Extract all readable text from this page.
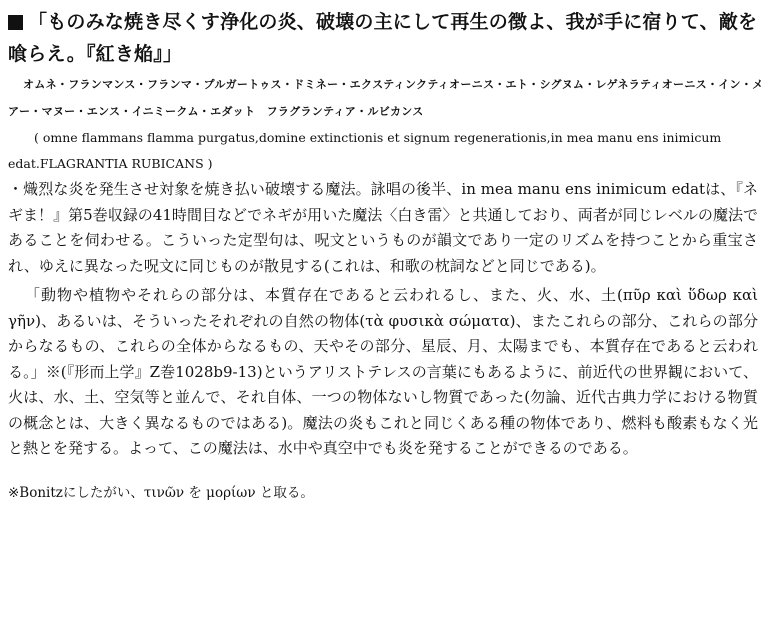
「ものみな焼き尽くす浄化の炎、破壊の主にして再生の徴よ、我が手に宿りて、敵を
喰らえ。『紅き焔』」
オムネ・フランマンス・フランマ・プルガートゥス・ドミネー・エクスティンクティオーニス・エト・シグヌム・レゲネラティオーニス・イン・メ
アー・マヌー・エンス・イニミークム・エダット　フラグランティア・ルビカンス
( omne flammans flamma purgatus,domine extinctionis et signum regenerationis,in mea manu ens inimicum
edat.FLAGRANTIA RUBICANS )

・熾烈な炎を発生させ対象を焼き払い破壊する魔法。詠唱の後半、in mea manu ens inimicum edatは、『ネギま！』第5巻収録の41時間目などでネギが用いた魔法〈白き雷〉と共通しており、両者が同じレベルの魔法であることを伺わせる。こういった定型句は、呪文というものが韻文であり一定のリズムを持つことから重宝され、ゆえに異なった呪文に同じものが散見する(これは、和歌の枕詞などと同じである)。

「動物や植物やそれらの部分は、本質存在であると云われるし、また、火、水、土(πῦρ καὶ ὕδωρ καὶ γῆν)、あるいは、そういったそれぞれの自然の物体(τὰ φυσικὰ σώματα)、またこれらの部分、これらの部分からなるもの、これらの全体からなるもの、天やその部分、星辰、月、太陽までも、本質存在であると云われる。」※(『形而上学』Z巻1028b9-13)というアリストテレスの言葉にもあるように、前近代の世界観において、火は、水、土、空気等と並んで、それ自体、一つの物体ないし物質であった(勿論、近代古典力学における物質の概念とは、大きく異なるものではある)。魔法の炎もこれと同じくある種の物体であり、燃料も酸素もなく光と熱とを発する。よって、この魔法は、水中や真空中でも炎を発することができるのである。

※Bonitzにしたがい、τινῶν を μορίων と取る。
